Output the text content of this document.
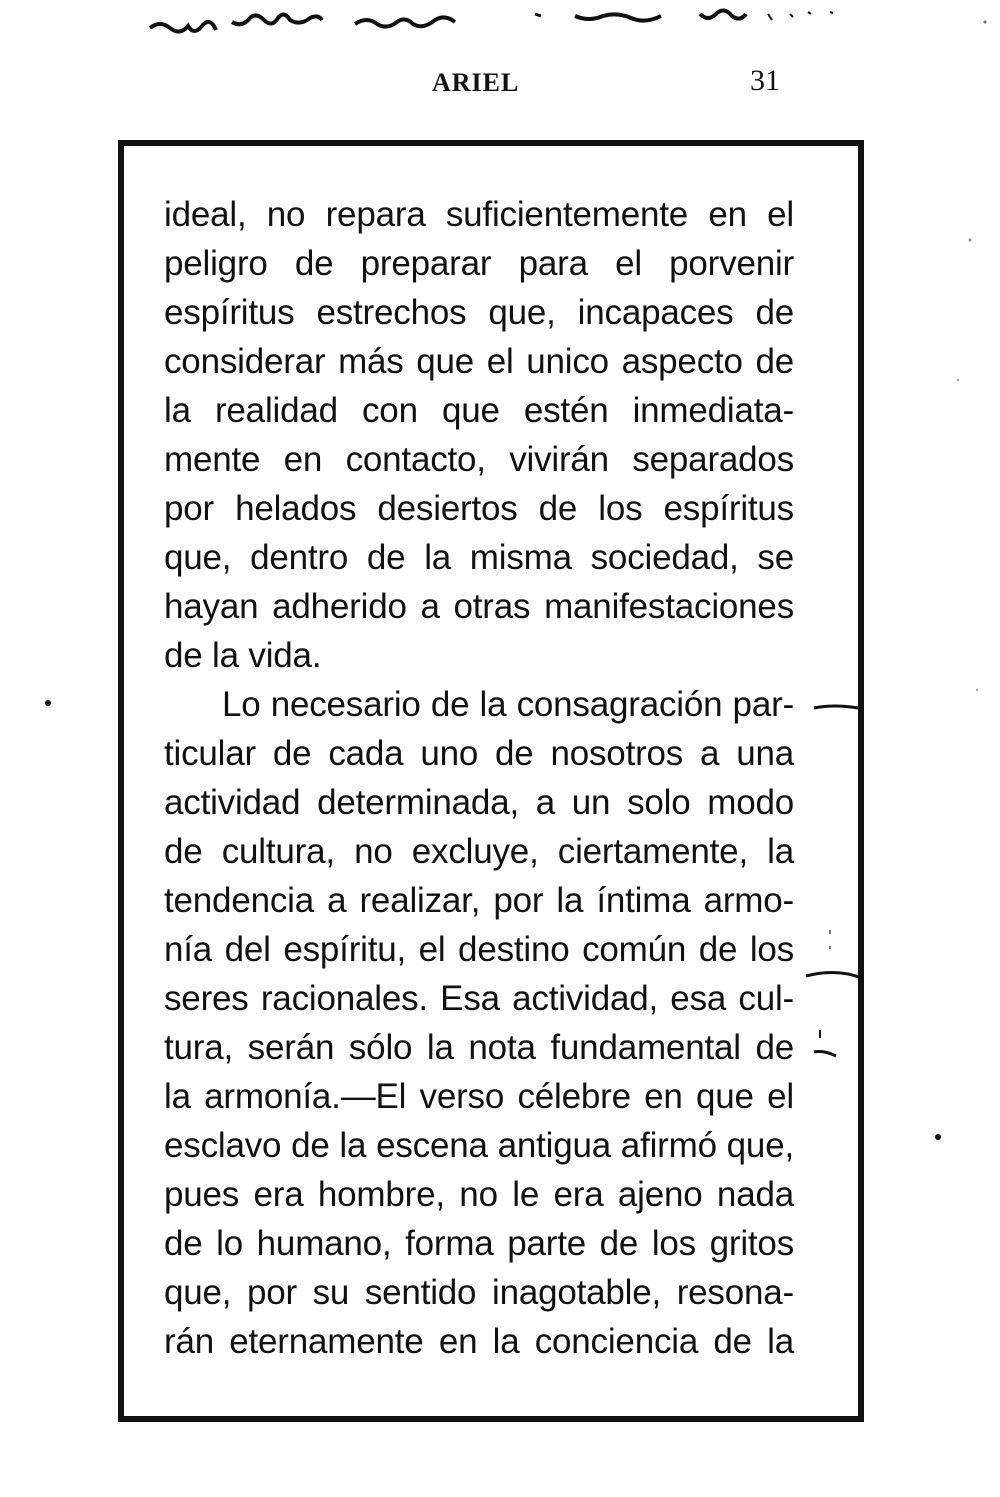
ARIEL	31
ideal, no repara suficientemente en el
peligro de preparar para el porvenir
espíritus estrechos que, incapaces de
considerar más que el unico aspecto de
la realidad con que estén inmediata-
mente en contacto, vivirán separados
por helados desiertos de los espíritus
que, dentro de la misma sociedad, se
hayan adherido a otras manifestaciones
de la vida.
Lo necesario de la consagración par-
ticular de cada uno de nosotros a una
actividad determinada, a un solo modo
de cultura, no excluye, ciertamente, la
tendencia a realizar, por la íntima armo-
nía del espíritu, el destino común de los
seres racionales. Esa actividad, esa cul-
tura, serán sólo la nota fundamental de
la armonía.—El verso célebre en que el
esclavo de la escena antigua afirmó que,
pues era hombre, no le era ajeno nada
de lo humano, forma parte de los gritos
que, por su sentido inagotable, resona-
rán eternamente en la conciencia de la
